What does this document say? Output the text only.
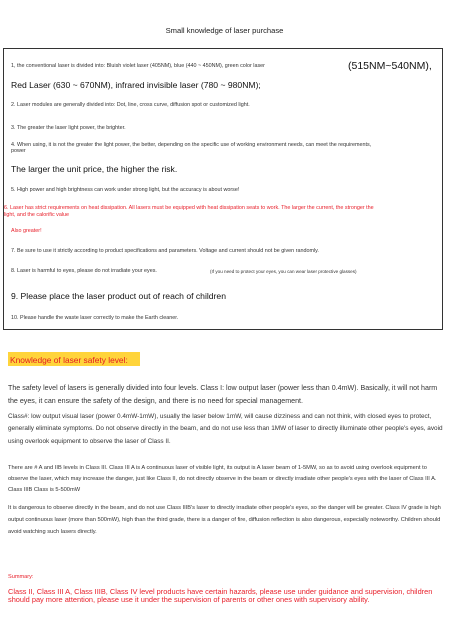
Small knowledge of laser purchase
1, the conventional laser is divided into: Bluish violet laser (405NM), blue (440 ~ 450NM), green color laser	(515NM~540NM),
Red Laser (630 ~ 670NM), infrared invisible laser (780 ~ 980NM);
2. Laser modules are generally divided into: Dot, line, cross curve, diffusion spot or customized light.
3. The greater the laser light power, the brighter.
4. When using, it is not the greater the light power, the better, depending on the specific use of working environment needs, can meet the requirements,
power
The larger the unit price, the higher the risk.
5. High power and high brightness can work under strong light, but the accuracy is about worse!
6. Laser has strict requirements on heat dissipation. All lasers must be equipped with heat dissipation seats to work. The larger the current, the stronger the
light, and the calorific value
Also greater!
7. Be sure to use it strictly according to product specifications and parameters. Voltage and current should not be given randomly.
8. Laser is harmful to eyes, please do not irradiate your eyes.	(If you need to protect your eyes, you can wear laser protective glasses)
9. Please place the laser product out of reach of children
10. Please handle the waste laser correctly to make the Earth cleaner.
Knowledge of laser safety level:
The safety level of lasers is generally divided into four levels. Class I: low output laser (power less than 0.4mW). Basically, it will not harm the eyes, it can ensure the safety of the design, and there is no need for special management.
Class#: low output visual laser (power 0.4mW-1mW), usually the laser below 1mW, will cause dizziness and can not think, with closed eyes to protect, generally eliminate symptoms. Do not observe directly in the beam, and do not use less than 1MW of laser to directly illuminate other people's eyes, avoid using overlook equipment to observe the laser of Class II.
There are # A and IIB levels in Class III. Class III A is A continuous laser of visible light, its output is A laser beam of 1-5MW, so as to avoid using overlook equipment to observe the laser, which may increase the danger, just like Class II, do not directly observe in the beam or directly irradiate other people's eyes with the laser of Class III A. Class IIIB Class is 5-500mW
It is dangerous to observe directly in the beam, and do not use Class IIIB's laser to directly irradiate other people's eyes, so the danger will be greater. Class IV grade is high output continuous laser (more than 500mW), high than the third grade, there is a danger of fire, diffusion reflection is also dangerous, especially noteworthy. Children should avoid watching such lasers directly.
Summary:
Class II, Class III A, Class IIIB, Class IV level products have certain hazards, please use under guidance and supervision, children should pay more attention, please use it under the supervision of parents or other ones with supervisory ability.
